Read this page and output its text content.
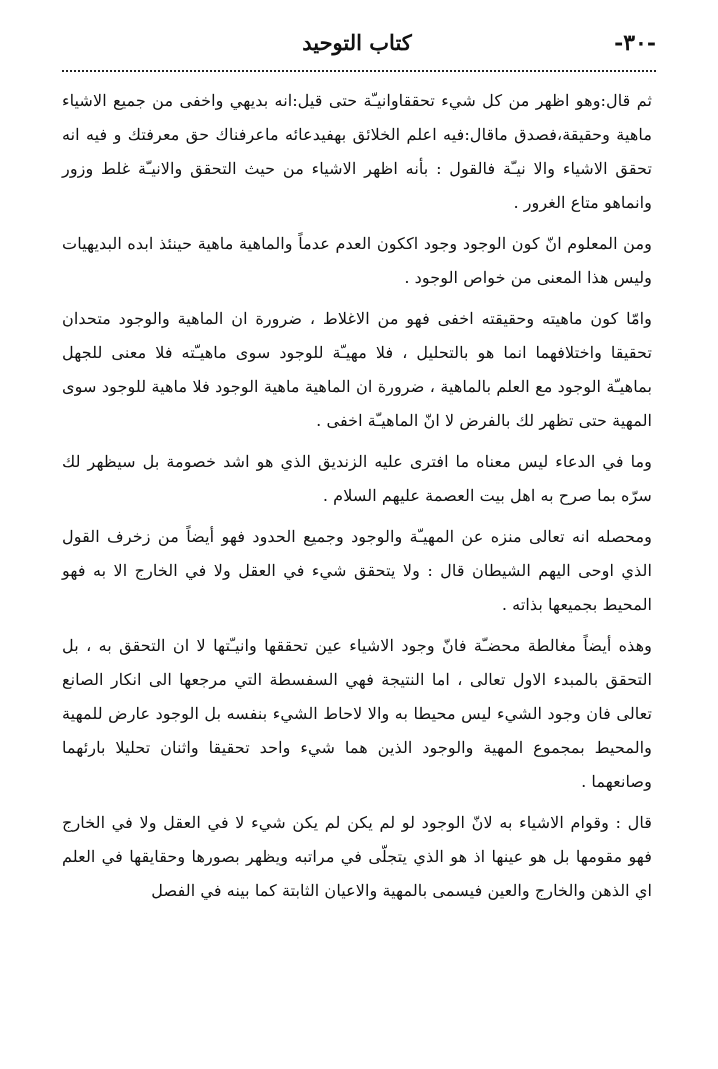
-٣٠-
كتاب التوحيد

ثم قال:وهو اظهر من كل شيء تحققاوانيـّة حتى قيل:انه بديهي واخفى من جميع الاشياء ماهية وحقيقة،فصدق ماقال:فيه اعلم الخلائق بهفيدعائه ماعرفناك حق معرفتك و فيه انه تحقق الاشياء والا نيـّة فالقول : بأنه اظهر الاشياء من حيث التحقق والانيـّة غلط وزور وانماهو متاع الغرور .

ومن المعلوم انّ كون الوجود وجود اككون العدم عدماً والماهية ماهية حينئذ ابده البديهيات وليس هذا المعنى من خواص الوجود .

وامّا كون ماهيته وحقيقته اخفى فهو من الاغلاط ، ضرورة ان الماهية والوجود متحدان تحقيقا واختلافهما انما هو بالتحليل ، فلا مهيـّة للوجود سوى ماهيـّته فلا معنى للجهل بماهيـّة الوجود مع العلم بالماهية ، ضرورة ان الماهية ماهية الوجود فلا ماهية للوجود سوى المهية حتى تظهر لك بالفرض لا انّ الماهيـّة اخفى .

وما في الدعاء ليس معناه ما افترى عليه الزنديق الذي هو اشد خصومة بل سيظهر لك سرّه بما صرح به اهل بيت العصمة عليهم السلام .

ومحصله انه تعالى منزه عن المهيـّة والوجود وجميع الحدود فهو أيضاً من زخرف القول الذي اوحى اليهم الشيطان قال : ولا يتحقق شيء في العقل ولا في الخارج الا به فهو المحيط بجميعها بذاته .

وهذه أيضاً مغالطة محضـّة فانّ وجود الاشياء عين تحققها وانيـّتها لا ان التحقق به ، بل التحقق بالمبدء الاول تعالى ، اما النتيجة فهي السفسطة التي مرجعها الى انكار الصانع تعالى فان وجود الشيء ليس محيطا به والا لاحاط الشيء بنفسه بل الوجود عارض للمهية والمحيط بمجموع المهية والوجود الذين هما شيء واحد تحقيقا واثنان تحليلا بارئهما وصانعهما .

قال : وقوام الاشياء به لانّ الوجود لو لم يكن لم يكن شيء لا في العقل ولا في الخارج فهو مقومها بل هو عينها اذ هو الذي يتجلّى في مراتبه ويظهر بصورها وحقايقها في العلم اي الذهن والخارج والعين فيسمى بالمهية والاعيان الثابتة كما بينه في الفصل
